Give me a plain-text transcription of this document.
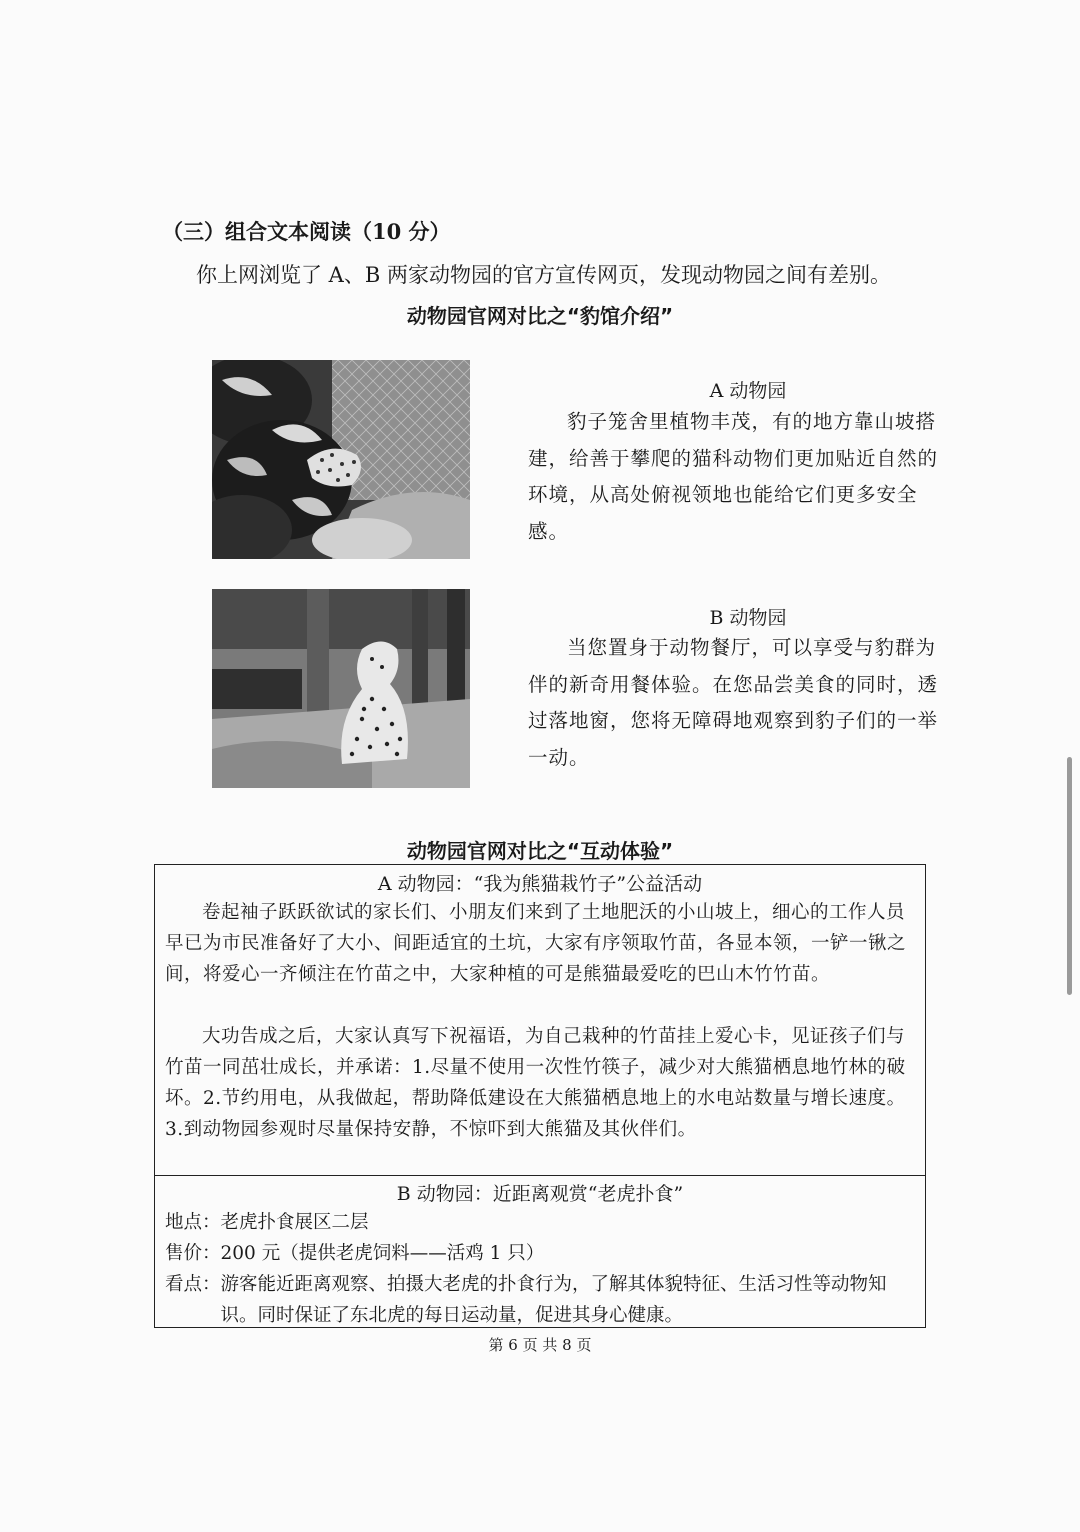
（三）组合文本阅读（10 分）
你上网浏览了 A、B 两家动物园的官方宣传网页，发现动物园之间有差别。
动物园官网对比之“豹馆介绍”
A 动物园
豹子笼舍里植物丰茂，有的地方靠山坡搭建，给善于攀爬的猫科动物们更加贴近自然的环境，从高处俯视领地也能给它们更多安全感。
B 动物园
当您置身于动物餐厅，可以享受与豹群为伴的新奇用餐体验。在您品尝美食的同时，透过落地窗，您将无障碍地观察到豹子们的一举一动。
动物园官网对比之“互动体验”
A 动物园：“我为熊猫栽竹子”公益活动
卷起袖子跃跃欲试的家长们、小朋友们来到了土地肥沃的小山坡上，细心的工作人员早已为市民准备好了大小、间距适宜的土坑，大家有序领取竹苗，各显本领，一铲一锹之间，将爱心一齐倾注在竹苗之中，大家种植的可是熊猫最爱吃的巴山木竹竹苗。
大功告成之后，大家认真写下祝福语，为自己栽种的竹苗挂上爱心卡，见证孩子们与竹苗一同茁壮成长，并承诺：1.尽量不使用一次性竹筷子，减少对大熊猫栖息地竹林的破坏。2.节约用电，从我做起，帮助降低建设在大熊猫栖息地上的水电站数量与增长速度。3.到动物园参观时尽量保持安静，不惊吓到大熊猫及其伙伴们。
B 动物园：近距离观赏“老虎扑食”
地点：老虎扑食展区二层
售价：200 元（提供老虎饲料——活鸡 1 只）
看点： 游客能近距离观察、拍摄大老虎的扑食行为，了解其体貌特征、生活习性等动物知识。同时保证了东北虎的每日运动量，促进其身心健康。
第 6 页 共 8 页
